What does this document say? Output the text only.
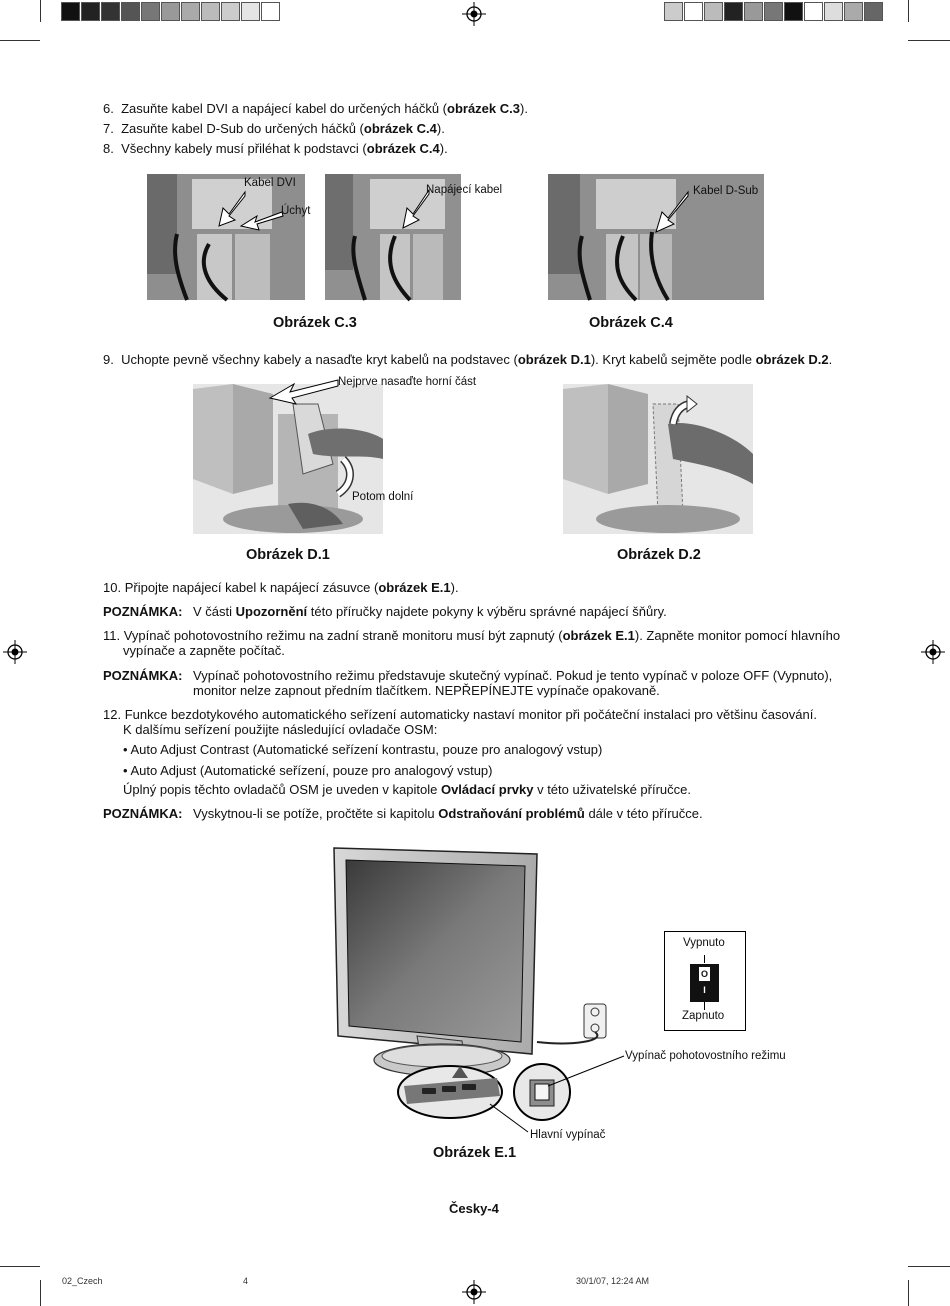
6. Zasuňte kabel DVI a napájecí kabel do určených háčků (obrázek C.3).
7. Zasuňte kabel D-Sub do určených háčků (obrázek C.4).
8. Všechny kabely musí přiléhat k podstavci (obrázek C.4).
Kabel DVI
Úchyt
Napájecí kabel	Kabel D-Sub
Obrázek C.3	Obrázek C.4
9. Uchopte pevně všechny kabely a nasaďte kryt kabelů na podstavec (obrázek D.1). Kryt kabelů sejměte podle obrázek D.2.
Nejprve nasaďte horní část
Potom dolní
Obrázek D.1	Obrázek D.2
10. Připojte napájecí kabel k napájecí zásuvce (obrázek E.1).
POZNÁMKA: V části Upozornění této příručky najdete pokyny k výběru správné napájecí šňůry.
11. Vypínač pohotovostního režimu na zadní straně monitoru musí být zapnutý (obrázek E.1). Zapněte monitor pomocí hlavního
vypínače a zapněte počítač.
POZNÁMKA: Vypínač pohotovostního režimu představuje skutečný vypínač. Pokud je tento vypínač v poloze OFF (Vypnuto),
monitor nelze zapnout předním tlačítkem. NEPŘEPÍNEJTE vypínače opakovaně.
12. Funkce bezdotykového automatického seřízení automaticky nastaví monitor při počáteční instalaci pro většinu časování.
K dalšímu seřízení použijte následující ovladače OSM:
• Auto Adjust Contrast (Automatické seřízení kontrastu, pouze pro analogový vstup)
• Auto Adjust (Automatické seřízení, pouze pro analogový vstup)
Úplný popis těchto ovladačů OSM je uveden v kapitole Ovládací prvky v této uživatelské příručce.
POZNÁMKA: Vyskytnou-li se potíže, pročtěte si kapitolu Odstraňování problémů dále v této příručce.
Vypnuto
O
I
Zapnuto
Vypínač pohotovostního režimu
Hlavní vypínač
Obrázek E.1
Česky-4
02_Czech	4	30/1/07, 12:24 AM
